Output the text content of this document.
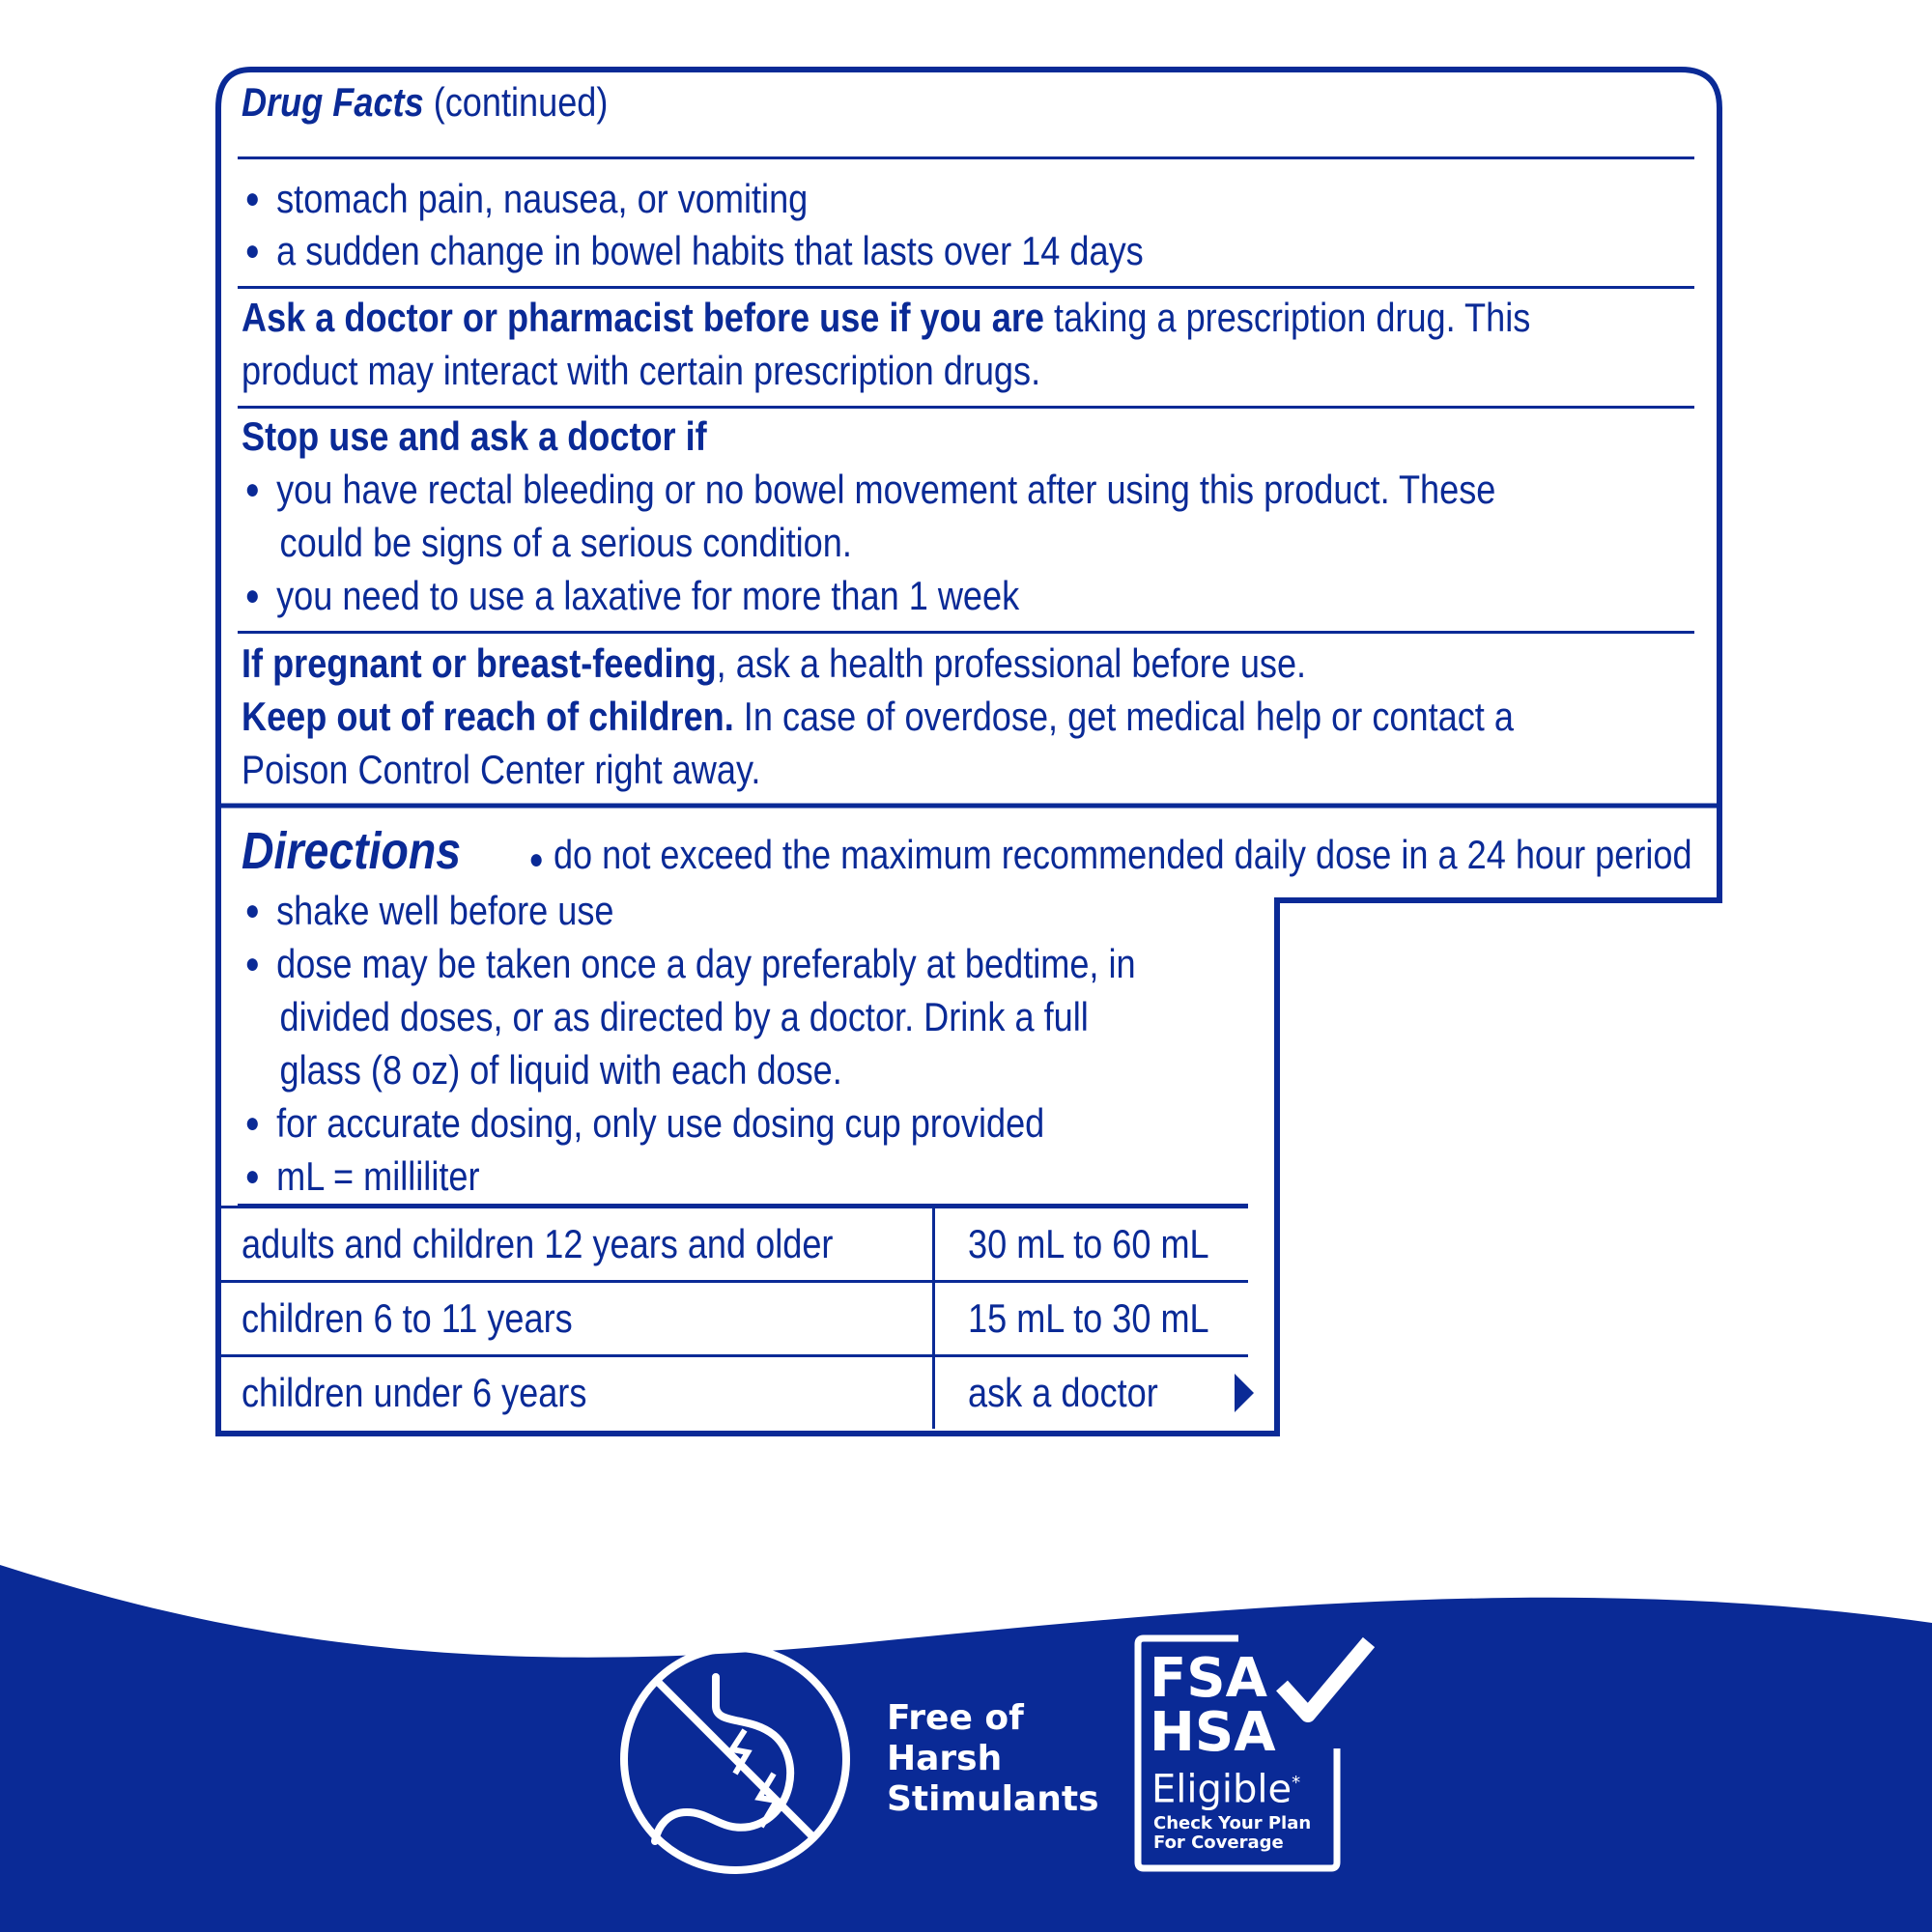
Drug Facts (continued)
● stomach pain, nausea, or vomiting
● a sudden change in bowel habits that lasts over 14 days
Ask a doctor or pharmacist before use if you are taking a prescription drug. This
product may interact with certain prescription drugs.
Stop use and ask a doctor if
● you have rectal bleeding or no bowel movement after using this product. These
could be signs of a serious condition.
● you need to use a laxative for more than 1 week
If pregnant or breast-feeding, ask a health professional before use.
Keep out of reach of children. In case of overdose, get medical help or contact a
Poison Control Center right away.
Directions ● do not exceed the maximum recommended daily dose in a 24 hour period
● shake well before use
● dose may be taken once a day preferably at bedtime, in
divided doses, or as directed by a doctor. Drink a full
glass (8 oz) of liquid with each dose.
● for accurate dosing, only use dosing cup provided
● mL = milliliter
adults and children 12 years and older	30 mL to 60 mL
children 6 to 11 years	15 mL to 30 mL
children under 6 years	ask a doctor
Free of
Harsh
Stimulants
FSA
HSA
Eligible*
Check Your Plan
For Coverage
